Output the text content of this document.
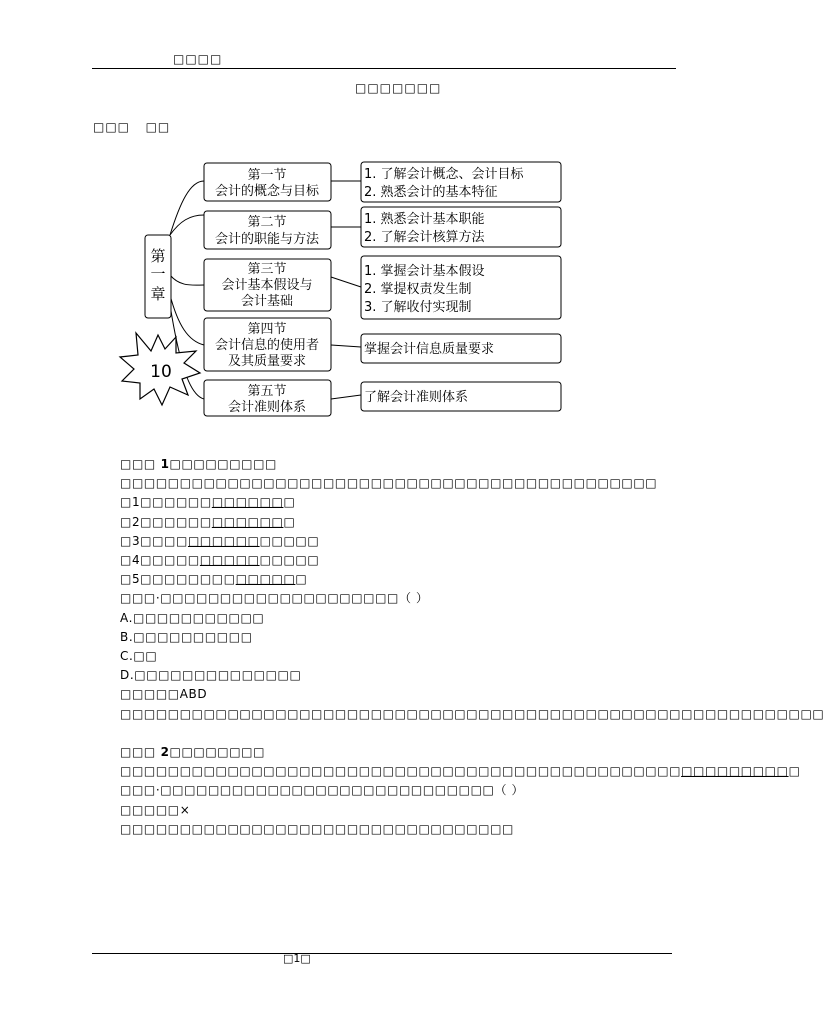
□□□□
□□□□□□□
□□□ □□
第
一
章
10
第一节
会计的概念与目标
第二节
会计的职能与方法
第三节
会计基本假设与
会计基础
第四节
会计信息的使用者
及其质量要求
第五节
会计准则体系
1. 了解会计概念、会计目标
2. 熟悉会计的基本特征
1. 熟悉会计基本职能
2. 了解会计核算方法
1. 掌握会计基本假设
2. 掌提权责发生制
3. 了解收付实现制
掌握会计信息质量要求
了解会计准则体系
□□□ 1□□□□□□□□□
□□□□□□□□□□□□□□□□□□□□□□□□□□□□□□□□□□□□□□□□□□□□□
□1□□□□□□□□□□□□□
□2□□□□□□□□□□□□□
□3□□□□□□□□□□□□□□□
□4□□□□□□□□□□□□□□□
□5□□□□□□□□□□□□□□
□□□·□□□□□□□□□□□□□□□□□□□□（ ）
A.□□□□□□□□□□□
B.□□□□□□□□□□
C.□□
D.□□□□□□□□□□□□□□
□□□□□ABD
□□□□□□□□□□□□□□□□□□□□□□□□□□□□□□□□□□□□□□□□□□□□□□□□□□□□□□□□□□□

□□□ 2□□□□□□□□
□□□□□□□□□□□□□□□□□□□□□□□□□□□□□□□□□□□□□□□□□□□□□□□□□□□□□□□□□
□□□·□□□□□□□□□□□□□□□□□□□□□□□□□□□□（ ）
□□□□□×
□□□□□□□□□□□□□□□□□□□□□□□□□□□□□□□□□
□1□
